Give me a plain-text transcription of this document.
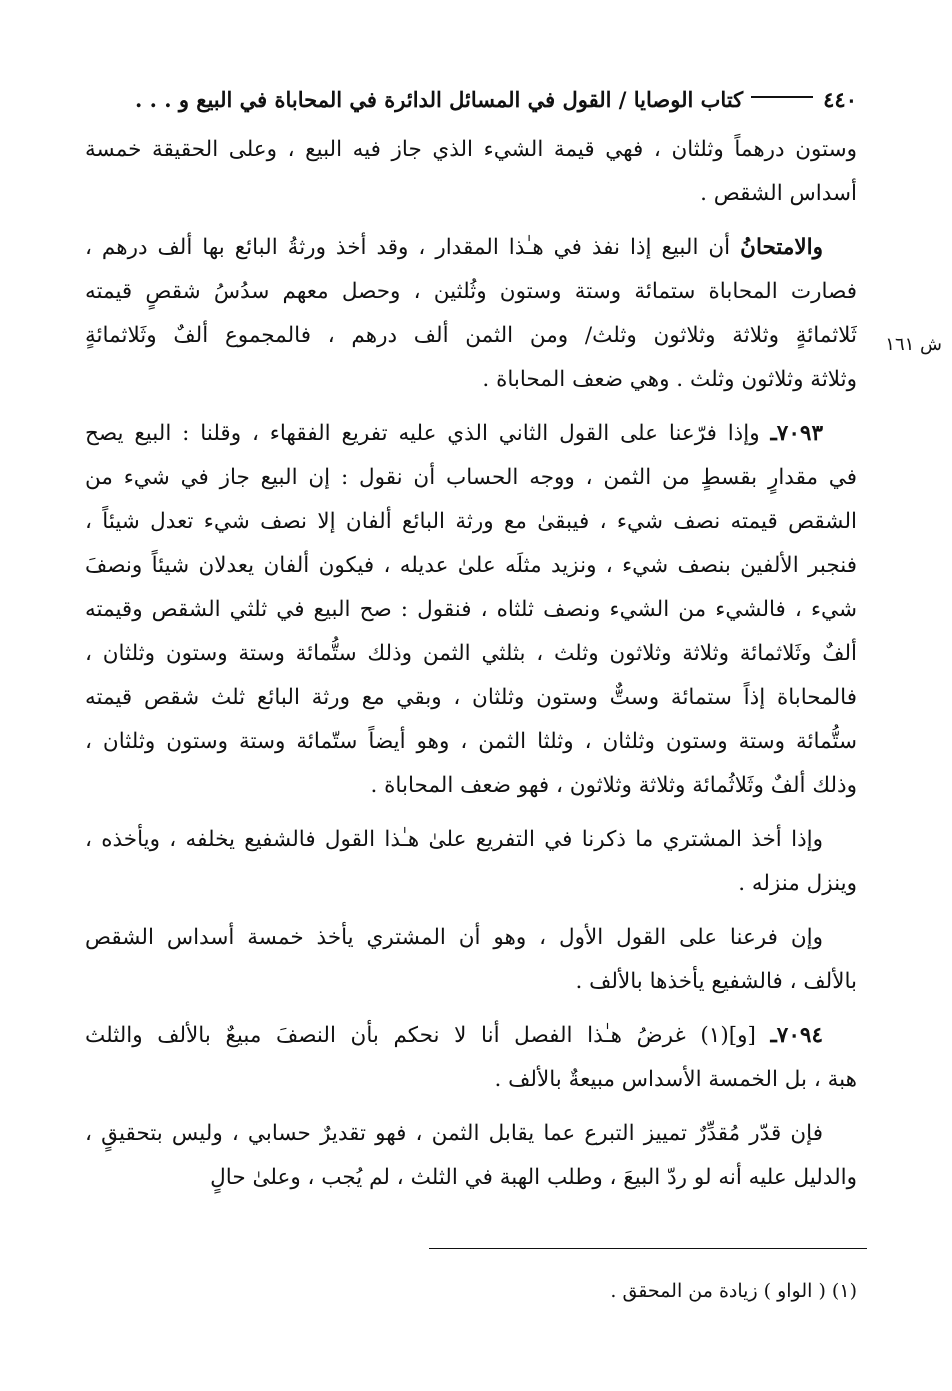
٤٤٠
كتاب الوصايا / القول في المسائل الدائرة في المحاباة في البيع و . . .
ش ١٦١
وستون درهماً وثلثان ، فهي قيمة الشيء الذي جاز فيه البيع ، وعلى الحقيقة خمسة
أسداس الشقص .
والامتحانُ أن البيع إذا نفذ في هـٰذا المقدار ، وقد أخذ ورثةُ البائع بها ألف درهم ،
فصارت المحاباة ستمائة وستة وستون وثُلثين ، وحصل معهم سدُسُ شقصٍ قيمته
ثَلاثمائةٍ وثلاثة وثلاثون وثلث/ ومن الثمن ألف درهم ، فالمجموع ألفٌ وثَلاثمائةٍ
وثلاثة وثلاثون وثلث . وهي ضعف المحاباة .
٧٠٩٣ـ وإذا فرّعنا على القول الثاني الذي عليه تفريع الفقهاء ، وقلنا : البيع يصح
في مقدارٍ بقسطٍ من الثمن ، ووجه الحساب أن نقول : إن البيع جاز في شيء من
الشقص قيمته نصف شيء ، فيبقىٰ مع ورثة البائع ألفان إلا نصف شيء تعدل شيئاً ،
فنجبر الألفين بنصف شيء ، ونزيد مثلَه علىٰ عديله ، فيكون ألفان يعدلان شيئاً ونصفَ
شيء ، فالشيء من الشيء ونصف ثلثاه ، فنقول : صح البيع في ثلثي الشقص وقيمته
ألفٌ وثَلاثمائة وثلاثة وثلاثون وثلث ، بثلثي الثمن وذلك ستُّمائة وستة وستون وثلثان ،
فالمحاباة إذاً ستمائة وستٌّ وستون وثلثان ، وبقي مع ورثة البائع ثلث شقص قيمته
ستُّمائة وستة وستون وثلثان ، وثلثا الثمن ، وهو أيضاً ستّمائة وستة وستون وثلثان ،
وذلك ألفٌ وثَلاثُمائة وثلاثة وثلاثون ، فهو ضعف المحاباة .
وإذا أخذ المشتري ما ذكرنا في التفريع علىٰ هـٰذا القول فالشفيع يخلفه ، ويأخذه ،
وينزل منزله .
وإن فرعنا على القول الأول ، وهو أن المشتري يأخذ خمسة أسداس الشقص
بالألف ، فالشفيع يأخذها بالألف .
٧٠٩٤ـ [و](١) غرضُ هـٰذا الفصل أنا لا نحكم بأن النصفَ مبيعٌ بالألف والثلث
هبة ، بل الخمسة الأسداس مبيعةٌ بالألف .
فإن قدّر مُقدِّرٌ تمييز التبرع عما يقابل الثمن ، فهو تقديرٌ حسابي ، وليس بتحقيقٍ ،
والدليل عليه أنه لو ردّ البيعَ ، وطلب الهبة في الثلث ، لم يُجب ، وعلىٰ حالٍ
(١) ( الواو ) زيادة من المحقق .
